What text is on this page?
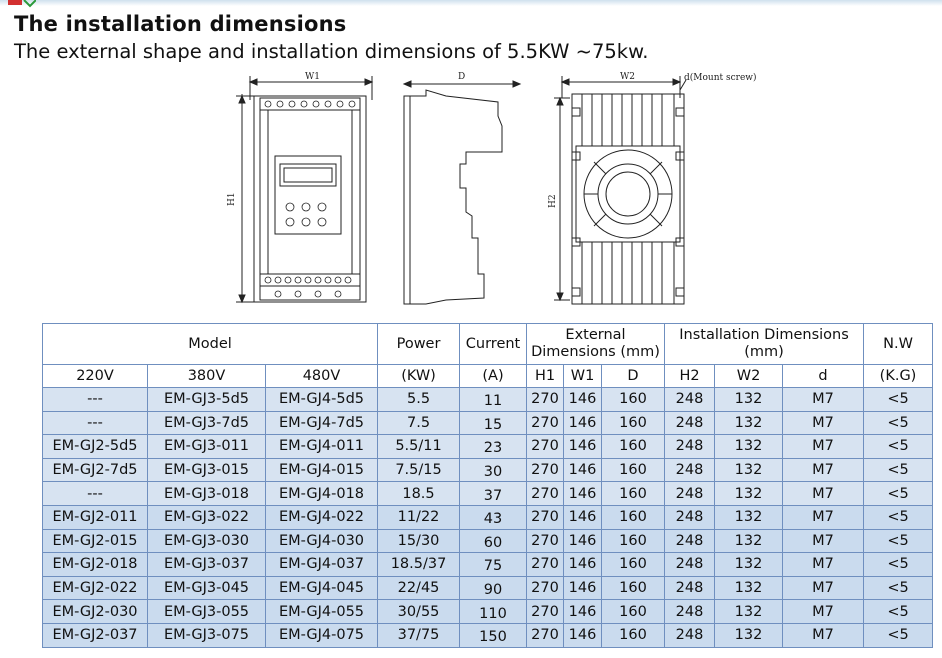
The installation dimensions
The external shape and installation dimensions of 5.5KW ~75kw.
W1
H1
D	W2	d(Mount screw)
H2
Model			Power	Current	External Dimensions (mm)			Installation Dimensions (mm)			N.W
220V	380V	480V	(KW)	(A)	H1	W1	D	H2	W2	d	(K.G)
---	EM-GJ3-5d5	EM-GJ4-5d5	5.5	11	270	146	160	248	132	M7	<5
---	EM-GJ3-7d5	EM-GJ4-7d5	7.5	15	270	146	160	248	132	M7	<5
EM-GJ2-5d5	EM-GJ3-011	EM-GJ4-011	5.5/11	23	270	146	160	248	132	M7	<5
EM-GJ2-7d5	EM-GJ3-015	EM-GJ4-015	7.5/15	30	270	146	160	248	132	M7	<5
---	EM-GJ3-018	EM-GJ4-018	18.5	37	270	146	160	248	132	M7	<5
EM-GJ2-011	EM-GJ3-022	EM-GJ4-022	11/22	43	270	146	160	248	132	M7	<5
EM-GJ2-015	EM-GJ3-030	EM-GJ4-030	15/30	60	270	146	160	248	132	M7	<5
EM-GJ2-018	EM-GJ3-037	EM-GJ4-037	18.5/37	75	270	146	160	248	132	M7	<5
EM-GJ2-022	EM-GJ3-045	EM-GJ4-045	22/45	90	270	146	160	248	132	M7	<5
EM-GJ2-030	EM-GJ3-055	EM-GJ4-055	30/55	110	270	146	160	248	132	M7	<5
EM-GJ2-037	EM-GJ3-075	EM-GJ4-075	37/75	150	270	146	160	248	132	M7	<5
